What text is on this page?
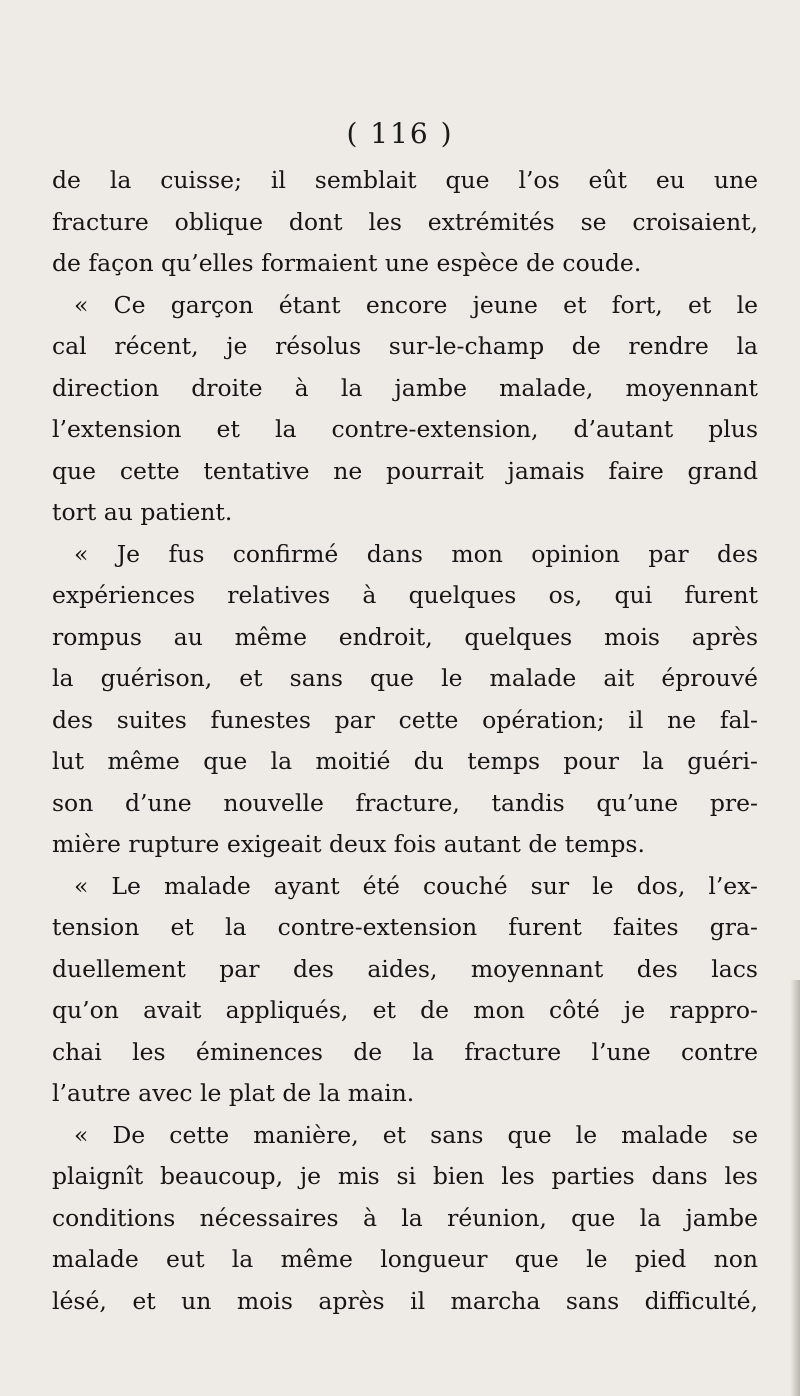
( 116 )
de la cuisse; il semblait que l’os eût eu une
fracture oblique dont les extrémités se croisaient,
de façon qu’elles formaient une espèce de coude.
« Ce garçon étant encore jeune et fort, et le
cal récent, je résolus sur-le-champ de rendre la
direction droite à la jambe malade, moyennant
l’extension et la contre-extension, d’autant plus
que cette tentative ne pourrait jamais faire grand
tort au patient.
« Je fus confirmé dans mon opinion par des
expériences relatives à quelques os, qui furent
rompus au même endroit, quelques mois après
la guérison, et sans que le malade ait éprouvé
des suites funestes par cette opération; il ne fal-
lut même que la moitié du temps pour la guéri-
son d’une nouvelle fracture, tandis qu’une pre-
mière rupture exigeait deux fois autant de temps.
« Le malade ayant été couché sur le dos, l’ex-
tension et la contre-extension furent faites gra-
duellement par des aides, moyennant des lacs
qu’on avait appliqués, et de mon côté je rappro-
chai les éminences de la fracture l’une contre
l’autre avec le plat de la main.
« De cette manière, et sans que le malade se
plaignît beaucoup, je mis si bien les parties dans les
conditions nécessaires à la réunion, que la jambe
malade eut la même longueur que le pied non
lésé, et un mois après il marcha sans difficulté,
